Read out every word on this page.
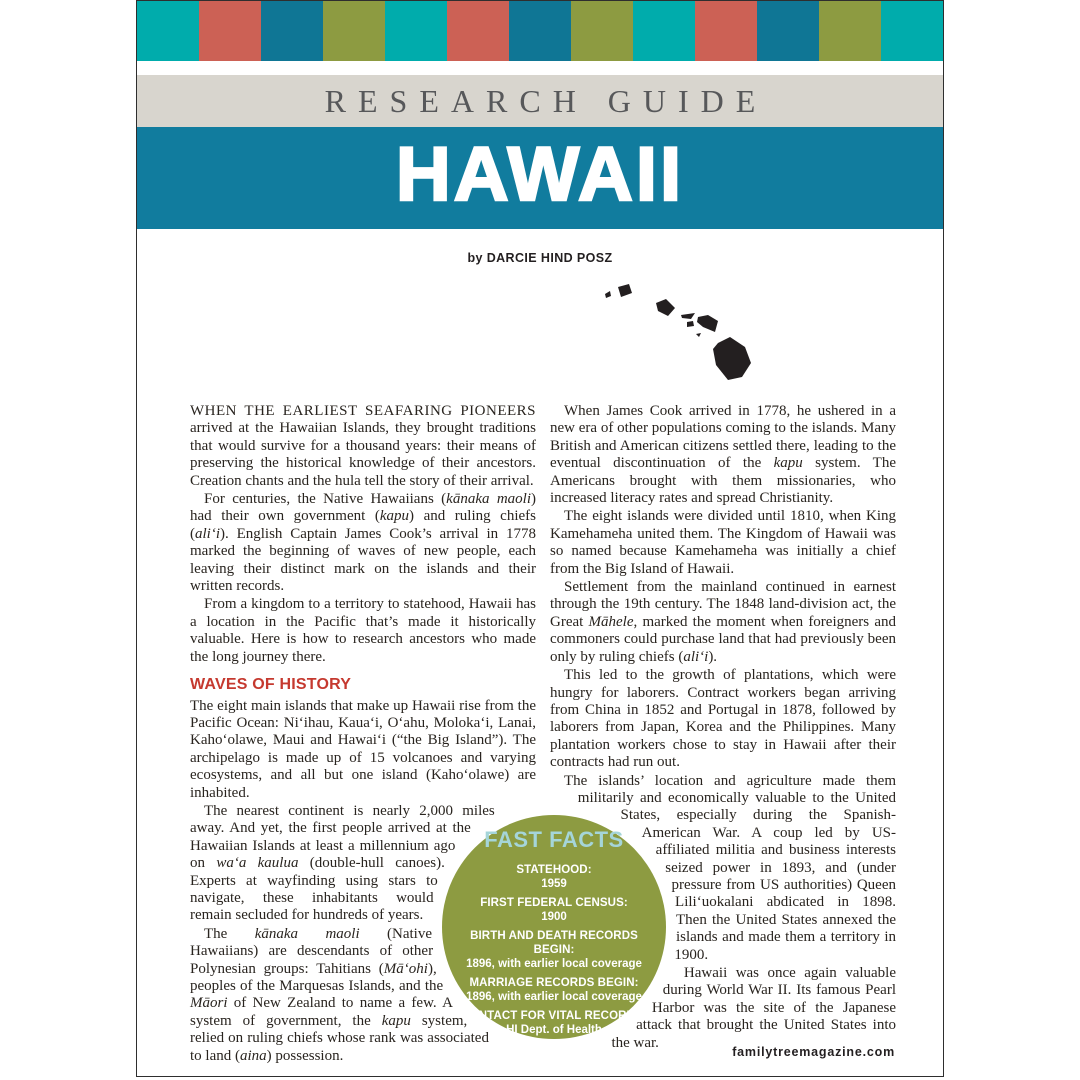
RESEARCH GUIDE
HAWAII
by DARCIE HIND POSZ

WHEN THE EARLIEST SEAFARING PIONEERS arrived at the Hawaiian Islands, they brought traditions that would survive for a thousand years: their means of preserving the historical knowledge of their ancestors. Creation chants and the hula tell the story of their arrival.

For centuries, the Native Hawaiians (kānaka maoli) had their own government (kapu) and ruling chiefs (aliʻi). English Captain James Cook’s arrival in 1778 marked the beginning of waves of new people, each leaving their distinct mark on the islands and their written records.

From a kingdom to a territory to statehood, Hawaii has a location in the Pacific that’s made it historically valuable. Here is how to research ancestors who made the long journey there.

WAVES OF HISTORY

The eight main islands that make up Hawaii rise from the Pacific Ocean: Niʻihau, Kauaʻi, Oʻahu, Molokaʻi, Lanai, Kahoʻolawe, Maui and Hawaiʻi (“the Big Island”). The archipelago is made up of 15 volcanoes and varying ecosystems, and all but one island (Kahoʻolawe) are inhabited.

The nearest continent is nearly 2,000 miles away. And yet, the first people arrived at the Hawaiian Islands at least a millennium ago on waʻa kaulua (double-hull canoes). Experts at wayfinding using stars to navigate, these inhabitants would remain secluded for hundreds of years.

The kānaka maoli (Native Hawaiians) are descendants of other Polynesian groups: Tahitians (Māʻohi), peoples of the Marquesas Islands, and the Māori of New Zealand to name a few. A system of government, the kapu system, relied on ruling chiefs whose rank was associated to land (aina) possession.

When James Cook arrived in 1778, he ushered in a new era of other populations coming to the islands. Many British and American citizens settled there, leading to the eventual discontinuation of the kapu system. The Americans brought with them missionaries, who increased literacy rates and spread Christianity.

The eight islands were divided until 1810, when King Kamehameha united them. The Kingdom of Hawaii was so named because Kamehameha was initially a chief from the Big Island of Hawaii.

Settlement from the mainland continued in earnest through the 19th century. The 1848 land-division act, the Great Māhele, marked the moment when foreigners and commoners could purchase land that had previously been only by ruling chiefs (aliʻi).

This led to the growth of plantations, which were hungry for laborers. Contract workers began arriving from China in 1852 and Portugal in 1878, followed by laborers from Japan, Korea and the Philippines. Many plantation workers chose to stay in Hawaii after their contracts had run out.

The islands’ location and agriculture made them militarily and economically valuable to the United States, especially during the Spanish-American War. A coup led by US-affiliated militia and business interests seized power in 1893, and (under pressure from US authorities) Queen Liliʻuokalani abdicated in 1898. Then the United States annexed the islands and made them a territory in 1900.

Hawaii was once again valuable during World War II. Its famous Pearl Harbor was the site of the Japanese attack that brought the United States into the war.

FAST FACTS
STATEHOOD:
1959
FIRST FEDERAL CENSUS:
1900
BIRTH AND DEATH RECORDS BEGIN:
1896, with earlier local coverage
MARRIAGE RECORDS BEGIN:
1896, with earlier local coverage
CONTACT FOR VITAL RECORDS:
HI Dept. of Health
familytreemagazine.com
